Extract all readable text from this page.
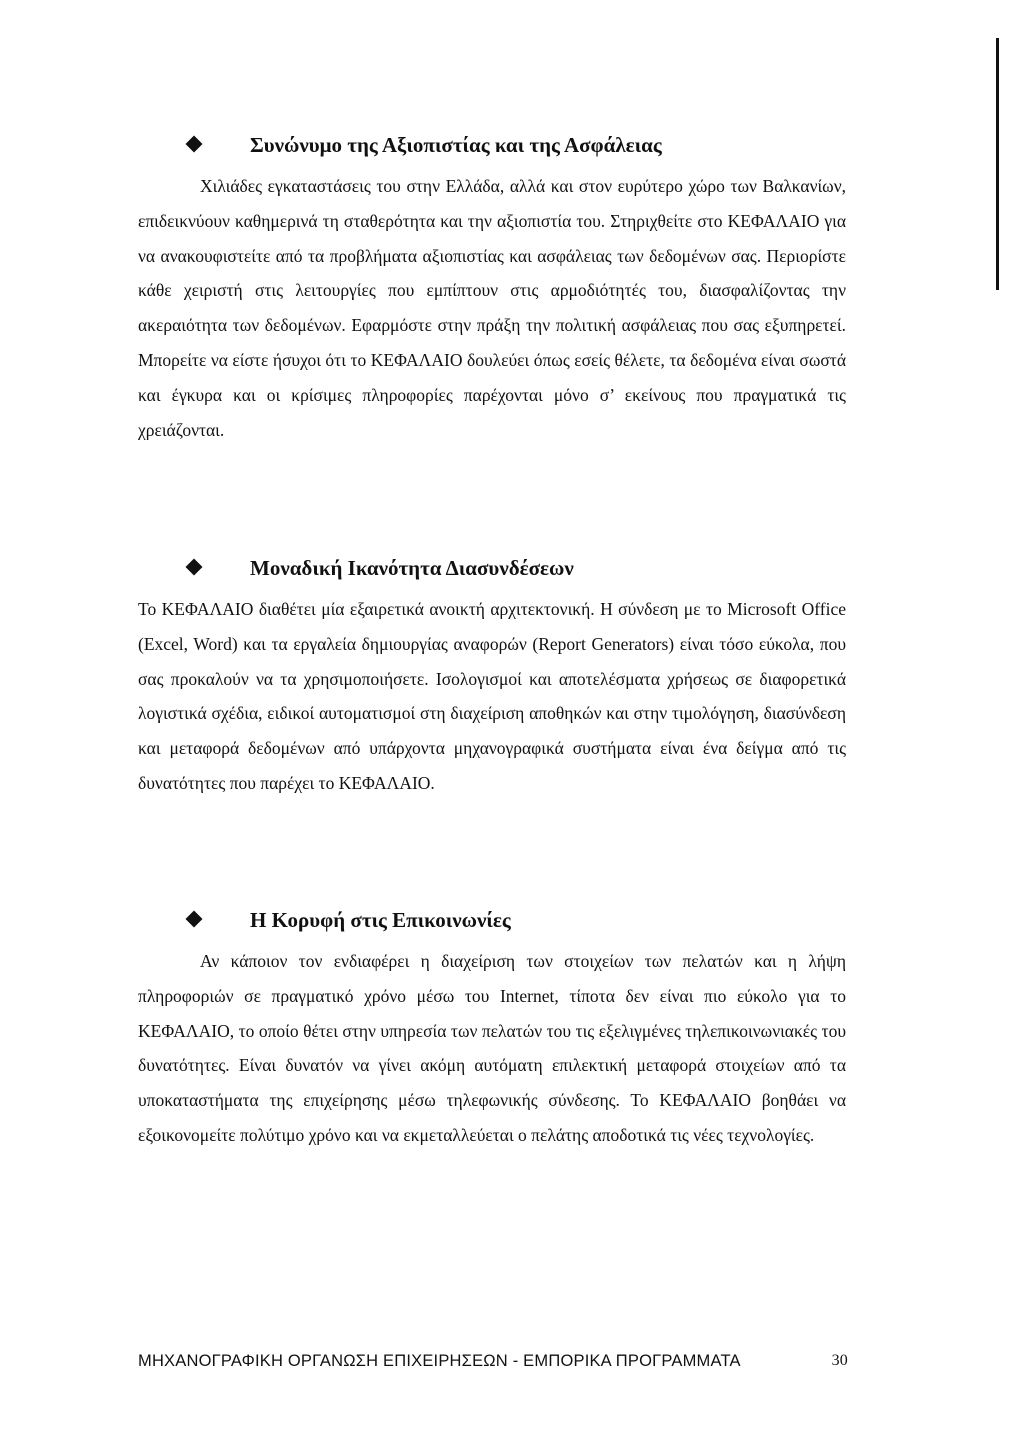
Συνώνυμο της Αξιοπιστίας και της Ασφάλειας

Χιλιάδες εγκαταστάσεις του στην Ελλάδα, αλλά και στον ευρύτερο χώρο των Βαλκανίων, επιδεικνύουν καθημερινά τη σταθερότητα και την αξιοπιστία του. Στηριχθείτε στο ΚΕΦΑΛΑΙΟ για να ανακουφιστείτε από τα προβλήματα αξιοπιστίας και ασφάλειας των δεδομένων σας. Περιορίστε κάθε χειριστή στις λειτουργίες που εμπίπτουν στις αρμοδιότητές του, διασφαλίζοντας την ακεραιότητα των δεδομένων. Εφαρμόστε στην πράξη την πολιτική ασφάλειας που σας εξυπηρετεί. Μπορείτε να είστε ήσυχοι ότι το ΚΕΦΑΛΑΙΟ δουλεύει όπως εσείς θέλετε, τα δεδομένα είναι σωστά και έγκυρα και οι κρίσιμες πληροφορίες παρέχονται μόνο σ’ εκείνους που πραγματικά τις χρειάζονται.

Μοναδική Ικανότητα Διασυνδέσεων

Το ΚΕΦΑΛΑΙΟ διαθέτει μία εξαιρετικά ανοικτή αρχιτεκτονική. Η σύνδεση με το Microsoft Office (Excel, Word) και τα εργαλεία δημιουργίας αναφορών (Report Generators) είναι τόσο εύκολα, που σας προκαλούν να τα χρησιμοποιήσετε. Ισολογισμοί και αποτελέσματα χρήσεως σε διαφορετικά λογιστικά σχέδια, ειδικοί αυτοματισμοί στη διαχείριση αποθηκών και στην τιμολόγηση, διασύνδεση και μεταφορά δεδομένων από υπάρχοντα μηχανογραφικά συστήματα είναι ένα δείγμα από τις δυνατότητες που παρέχει το ΚΕΦΑΛΑΙΟ.

Η Κορυφή στις Επικοινωνίες

Αν κάποιον τον ενδιαφέρει η διαχείριση των στοιχείων των πελατών και η λήψη πληροφοριών σε πραγματικό χρόνο μέσω του Internet, τίποτα δεν είναι πιο εύκολο για το ΚΕΦΑΛΑΙΟ, το οποίο θέτει στην υπηρεσία των πελατών του τις εξελιγμένες τηλεπικοινωνιακές του δυνατότητες. Είναι δυνατόν να γίνει ακόμη αυτόματη επιλεκτική μεταφορά στοιχείων από τα υποκαταστήματα της επιχείρησης μέσω τηλεφωνικής σύνδεσης. Το ΚΕΦΑΛΑΙΟ βοηθάει να εξοικονομείτε πολύτιμο χρόνο και να εκμεταλλεύεται ο πελάτης αποδοτικά τις νέες τεχνολογίες.

ΜΗΧΑΝΟΓΡΑΦΙΚΗ ΟΡΓΑΝΩΣΗ ΕΠΙΧΕΙΡΗΣΕΩΝ - ΕΜΠΟΡΙΚΑ ΠΡΟΓΡΑΜΜΑΤΑ	30
